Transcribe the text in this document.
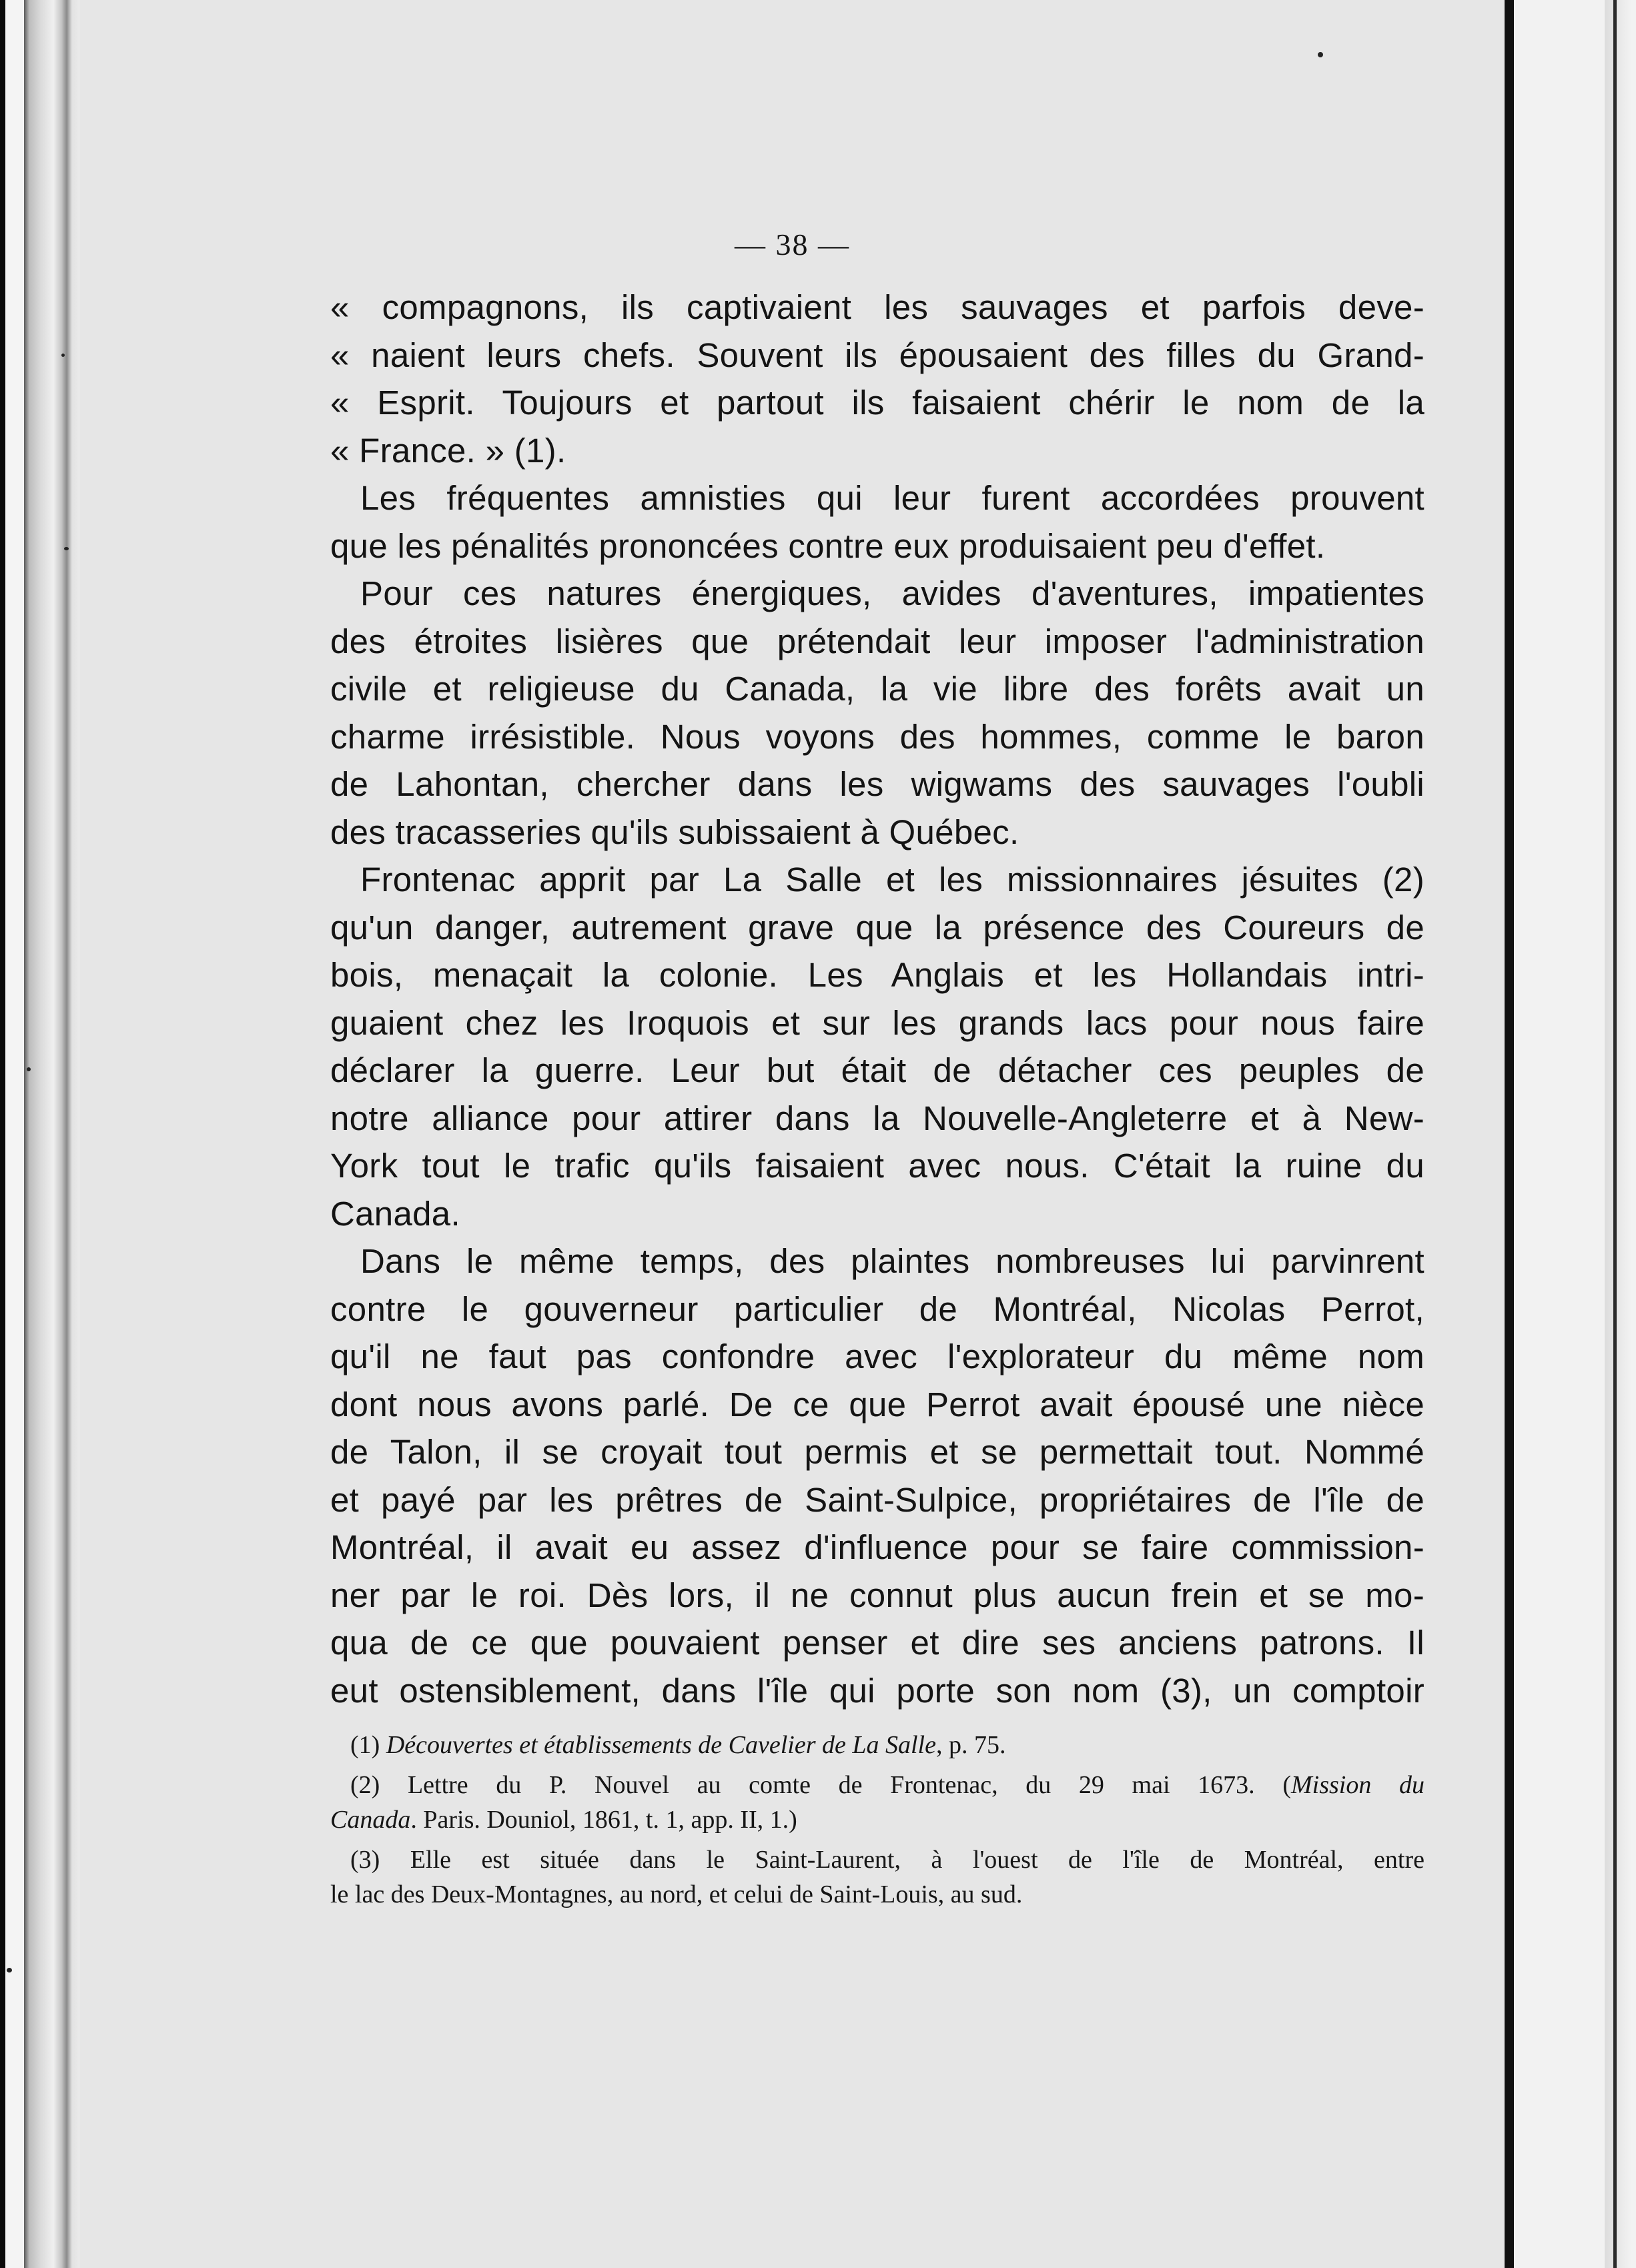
— 38 —
« compagnons, ils captivaient les sauvages et parfois deve-
« naient leurs chefs. Souvent ils épousaient des filles du Grand-
« Esprit. Toujours et partout ils faisaient chérir le nom de la
« France. » (1).
Les fréquentes amnisties qui leur furent accordées prouvent
que les pénalités prononcées contre eux produisaient peu d'effet.
Pour ces natures énergiques, avides d'aventures, impatientes
des étroites lisières que prétendait leur imposer l'administration
civile et religieuse du Canada, la vie libre des forêts avait un
charme irrésistible. Nous voyons des hommes, comme le baron
de Lahontan, chercher dans les wigwams des sauvages l'oubli
des tracasseries qu'ils subissaient à Québec.
Frontenac apprit par La Salle et les missionnaires jésuites (2)
qu'un danger, autrement grave que la présence des Coureurs de
bois, menaçait la colonie. Les Anglais et les Hollandais intri-
guaient chez les Iroquois et sur les grands lacs pour nous faire
déclarer la guerre. Leur but était de détacher ces peuples de
notre alliance pour attirer dans la Nouvelle-Angleterre et à New-
York tout le trafic qu'ils faisaient avec nous. C'était la ruine du
Canada.
Dans le même temps, des plaintes nombreuses lui parvinrent
contre le gouverneur particulier de Montréal, Nicolas Perrot,
qu'il ne faut pas confondre avec l'explorateur du même nom
dont nous avons parlé. De ce que Perrot avait épousé une nièce
de Talon, il se croyait tout permis et se permettait tout. Nommé
et payé par les prêtres de Saint-Sulpice, propriétaires de l'île de
Montréal, il avait eu assez d'influence pour se faire commission-
ner par le roi. Dès lors, il ne connut plus aucun frein et se mo-
qua de ce que pouvaient penser et dire ses anciens patrons. Il
eut ostensiblement, dans l'île qui porte son nom (3), un comptoir
(1) Découvertes et établissements de Cavelier de La Salle, p. 75.
(2) Lettre du P. Nouvel au comte de Frontenac, du 29 mai 1673. (Mission du
Canada. Paris. Douniol, 1861, t. 1, app. II, 1.)
(3) Elle est située dans le Saint-Laurent, à l'ouest de l'île de Montréal, entre
le lac des Deux-Montagnes, au nord, et celui de Saint-Louis, au sud.
